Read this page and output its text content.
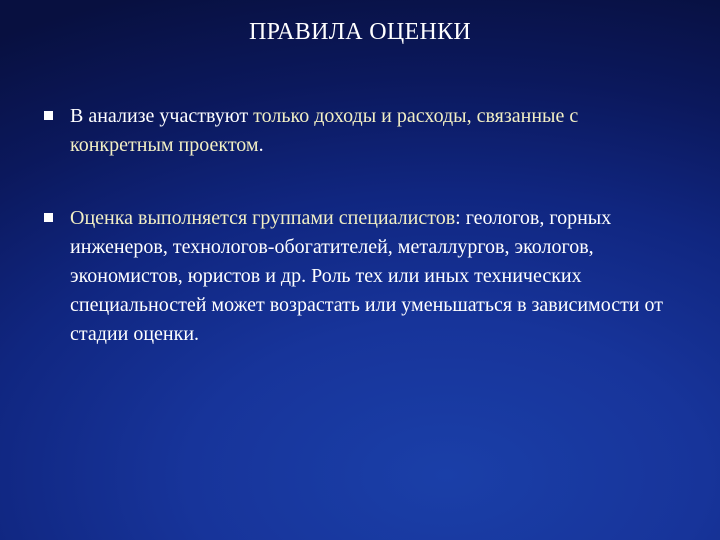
ПРАВИЛА ОЦЕНКИ
В анализе участвуют только доходы и расходы, связанные с конкретным проектом.
Оценка выполняется группами специалистов: геологов, горных инженеров, технологов-обогатителей, металлургов, экологов, экономистов, юристов и др. Роль тех или иных технических специальностей может возрастать или уменьшаться в зависимости от стадии оценки.
